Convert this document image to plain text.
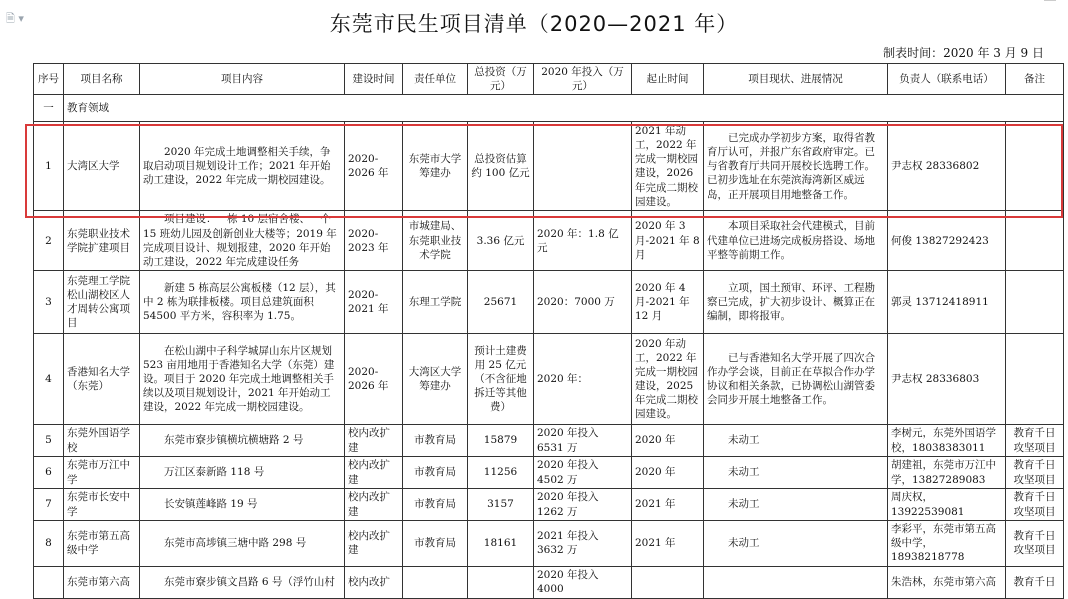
🗎 ▾	东莞市民生项目清单（2020—2021 年）
制表时间：2020 年 3 月 9 日
序号	项目名称	项目内容	建设时间	责任单位	总投资（万元）	2020 年投入（万元）	起止时间	项目现状、进展情况	负责人（联系电话）	备注
一	教育领域									
1	大湾区大学	2020 年完成土地调整相关手续，争取启动项目规划设计工作；2021 年开始动工建设，2022 年完成一期校园建设。	2020-2026 年	东莞市大学筹建办	总投资估算约 100 亿元		2021 年动工，2022 年完成一期校园建设，2026 年完成二期校园建设。	已完成办学初步方案，取得省教育厅认可，并报广东省政府审定。已与省教育厅共同开展校长选聘工作。已初步选址在东莞滨海湾新区威远岛，正开展项目用地整备工作。	尹志权 28336802	
2	东莞职业技术学院扩建项目	项目建设：一栋 10 层宿舍楼、一个 15 班幼儿园及创新创业大楼等；2019 年完成项目设计、规划报建，2020 年开始动工建设，2022 年完成建设任务	2020-2023 年	市城建局、东莞职业技术学院	3.36 亿元	2020 年：1.8 亿元	2020 年 3 月-2021 年 8 月	本项目采取社会代建模式，目前代建单位已进场完成板房搭设、场地平整等前期工作。	何俊 13827292423	
3	东莞理工学院松山湖校区人才周转公寓项目	新建 5 栋高层公寓板楼（12 层），其中 2 栋为联排板楼。项目总建筑面积 54500 平方米，容积率为 1.75。	2020-2021 年	东理工学院	25671	2020：7000 万	2020 年 4 月-2021 年 12 月	立项，国土预审、环评、工程勘察已完成，扩大初步设计、概算正在编制，即将报审。	郭灵 13712418911	
4	香港知名大学（东莞）	在松山湖中子科学城屏山东片区规划 523 亩用地用于香港知名大学（东莞）建设。项目于 2020 年完成土地调整相关手续以及项目规划设计，2021 年开始动工建设，2022 年完成一期校园建设。	2020-2026 年	大湾区大学筹建办	预计土建费用 25 亿元（不含征地拆迁等其他费）	2020 年：	2020 年动工，2022 年完成一期校园建设，2025 年完成二期校园建设。	已与香港知名大学开展了四次合作办学会谈，目前正在草拟合作办学协议和相关条款，已协调松山湖管委会同步开展土地整备工作。	尹志权 28336803	
5	东莞外国语学校	东莞市寮步镇横坑横塘路 2 号	校内改扩建	市教育局	15879	2020 年投入 6531 万	2020 年	未动工	李树元，东莞外国语学校，18038383011	教育千日攻坚项目
6	东莞市万江中学	万江区泰新路 118 号	校内改扩建	市教育局	11256	2020 年投入 4502 万	2020 年	未动工	胡建祖，东莞市万江中学，13827289083	教育千日攻坚项目
7	东莞市长安中学	长安镇莲峰路 19 号	校内改扩建	市教育局	3157	2020 年投入 1262 万	2021 年	未动工	周庆权，13922539081	教育千日攻坚项目
8	东莞市第五高级中学	东莞市高埗镇三塘中路 298 号	校内改扩建	市教育局	18161	2021 年投入 3632 万	2021 年	未动工	李彩平，东莞市第五高级中学，18938218778	教育千日攻坚项目
	东莞市第六高	东莞市寮步镇文昌路 6 号（浮竹山村	校内改扩			2020 年投入 4000			朱浩林，东莞市第六高	教育千日
